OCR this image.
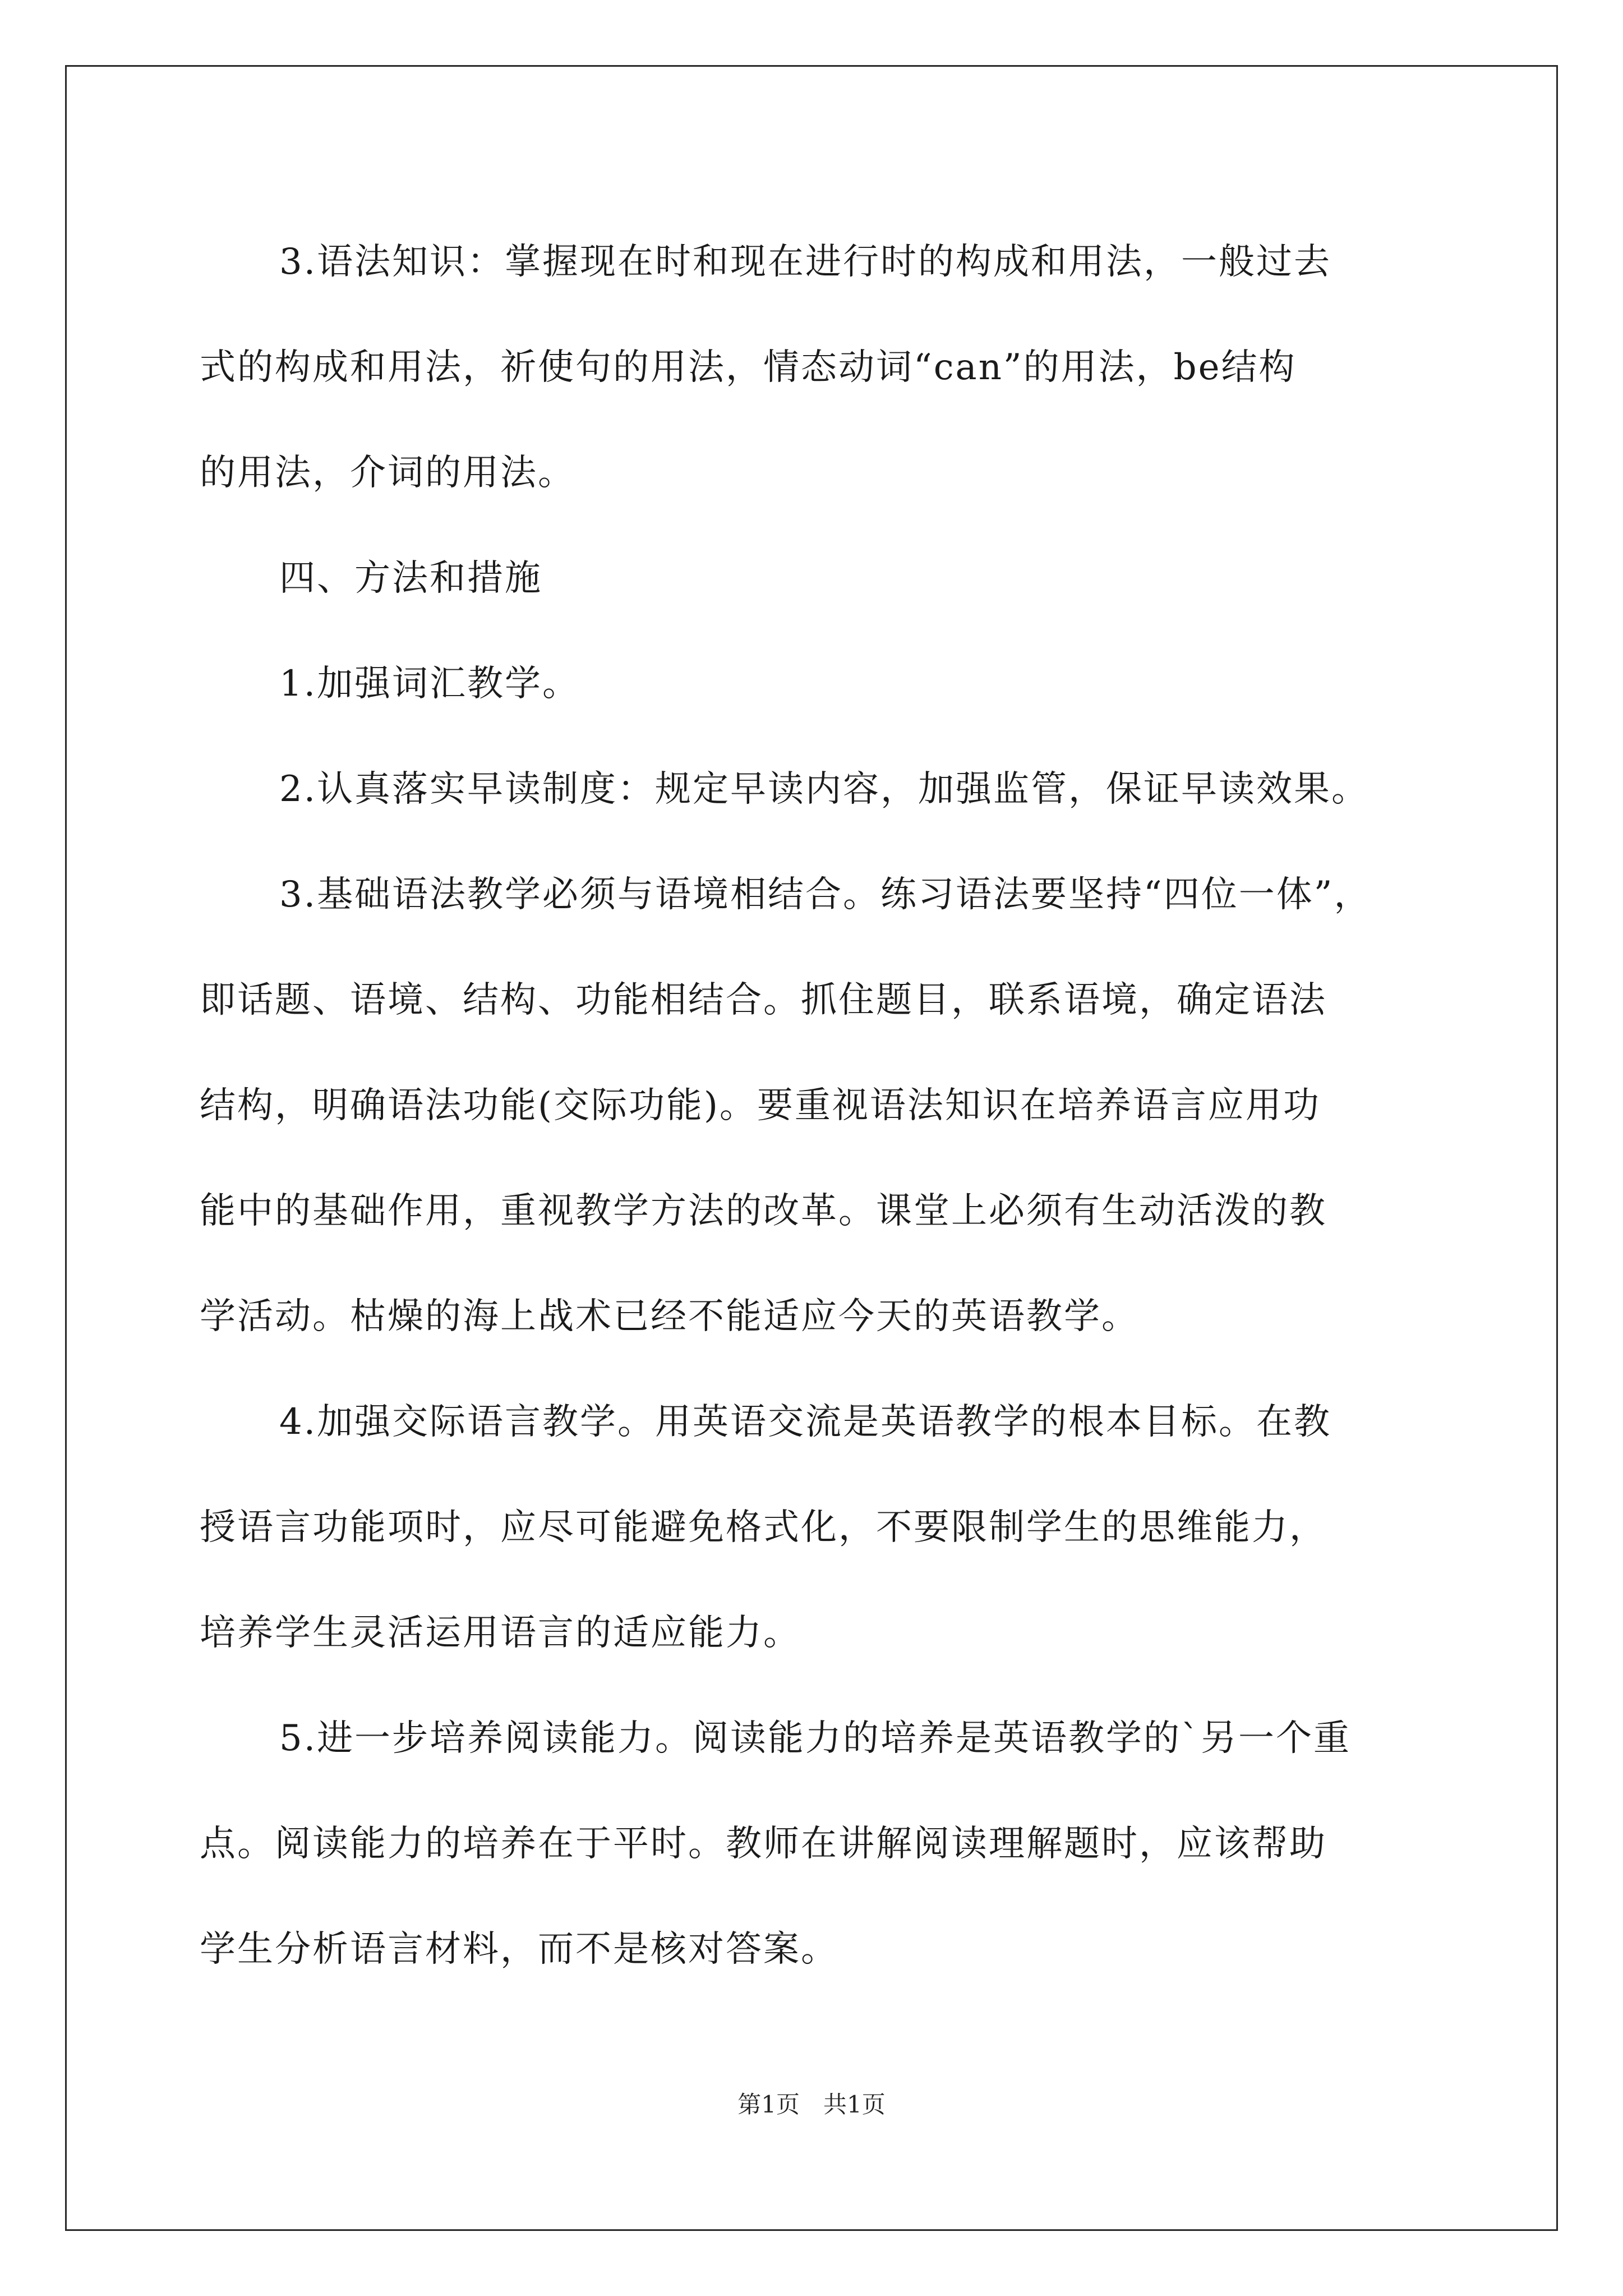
3.语法知识：掌握现在时和现在进行时的构成和用法，一般过去

式的构成和用法，祈使句的用法，情态动词“can”的用法，be结构

的用法，介词的用法。

四、方法和措施

1.加强词汇教学。

2.认真落实早读制度：规定早读内容，加强监管，保证早读效果。

3.基础语法教学必须与语境相结合。练习语法要坚持“四位一体”，

即话题、语境、结构、功能相结合。抓住题目，联系语境，确定语法

结构，明确语法功能(交际功能)。要重视语法知识在培养语言应用功

能中的基础作用，重视教学方法的改革。课堂上必须有生动活泼的教

学活动。枯燥的海上战术已经不能适应今天的英语教学。

4.加强交际语言教学。用英语交流是英语教学的根本目标。在教

授语言功能项时，应尽可能避免格式化，不要限制学生的思维能力，

培养学生灵活运用语言的适应能力。

5.进一步培养阅读能力。阅读能力的培养是英语教学的`另一个重

点。阅读能力的培养在于平时。教师在讲解阅读理解题时，应该帮助

学生分析语言材料，而不是核对答案。

第1页　共1页
